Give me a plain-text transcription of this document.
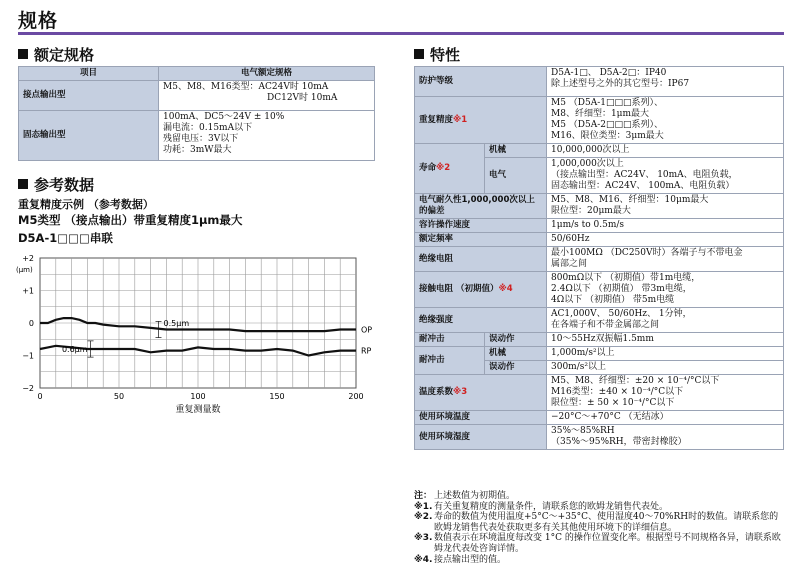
规格
额定规格
项目	电气额定规格
接点输出型	M5、M8、M16类型：AC24V时 10mA
DC12V时 10mA

固态输出型	100mA、DC5～24V ± 10%
漏电流：0.15mA以下
残留电压：3V以下
功耗：3mW最大
参考数据
重复精度示例 （参考数据）
M5类型 （接点输出）带重复精度1μm最大
D5A-1□□□串联
0	50	100	150	200
+2
+1
0
−1
−2
OP
RP
0.5μm
0.6μm
(μm)
重复测量数
特性
防护等级		D5A-1□、 D5A-2□：IP40
除上述型号之外的其它型号：IP67

重复精度※1		M5 （D5A-1□□□系列）、
M8、纤细型：1μm最大
M5 （D5A-2□□□系列）、
M16、限位类型：3μm最大

寿命※2	机械	10,000,000次以上
	电气	1,000,000次以上
（接点输出型：AC24V、 10mA、电阻负载，
固态输出型：AC24V、 100mA、电阻负载）

电气耐久性1,000,000次以上的偏差		M5、M8、M16、纤细型：10μm最大
限位型：20μm最大

容许操作速度		1μm/s to 0.5m/s
额定频率		50/60Hz
绝缘电阻		最小100MΩ （DC250V时）各端子与不带电金
属部之间

接触电阻 （初期值）※4		800mΩ以下 （初期值）带1m电缆，
2.4Ω以下 （初期值） 带3m电缆，
4Ω以下 （初期值） 带5m电缆

绝缘强度		AC1,000V、 50/60Hz、 1分钟，
在各端子和不带金属部之间

耐冲击	误动作	10～55Hz双振幅1.5mm
耐冲击	机械	1,000m/s²以上
	误动作	300m/s²以上
温度系数※3		M5、M8、纤细型：±20 × 10⁻⁴/°C以下
M16类型：±40 × 10⁻⁴/°C以下
限位型：± 50 × 10⁻⁴/°C以下

使用环境温度		−20°C～+70°C （无结冰）
使用环境湿度		35%～85%RH
（35%～95%RH，带密封橡胶）
注： 上述数值为初期值。
※1. 有关重复精度的测量条件，请联系您的欧姆龙销售代表处。
※2. 寿命的数值为使用温度+5°C～+35°C、使用湿度40～70%RH时的数值。请联系您的欧姆龙销售代表处获取更多有关其他使用环境下的详细信息。
※3. 数值表示在环境温度每改变 1°C 的操作位置变化率。根据型号不同规格各异，请联系欧姆龙代表处咨询详情。
※4. 接点输出型的值。
